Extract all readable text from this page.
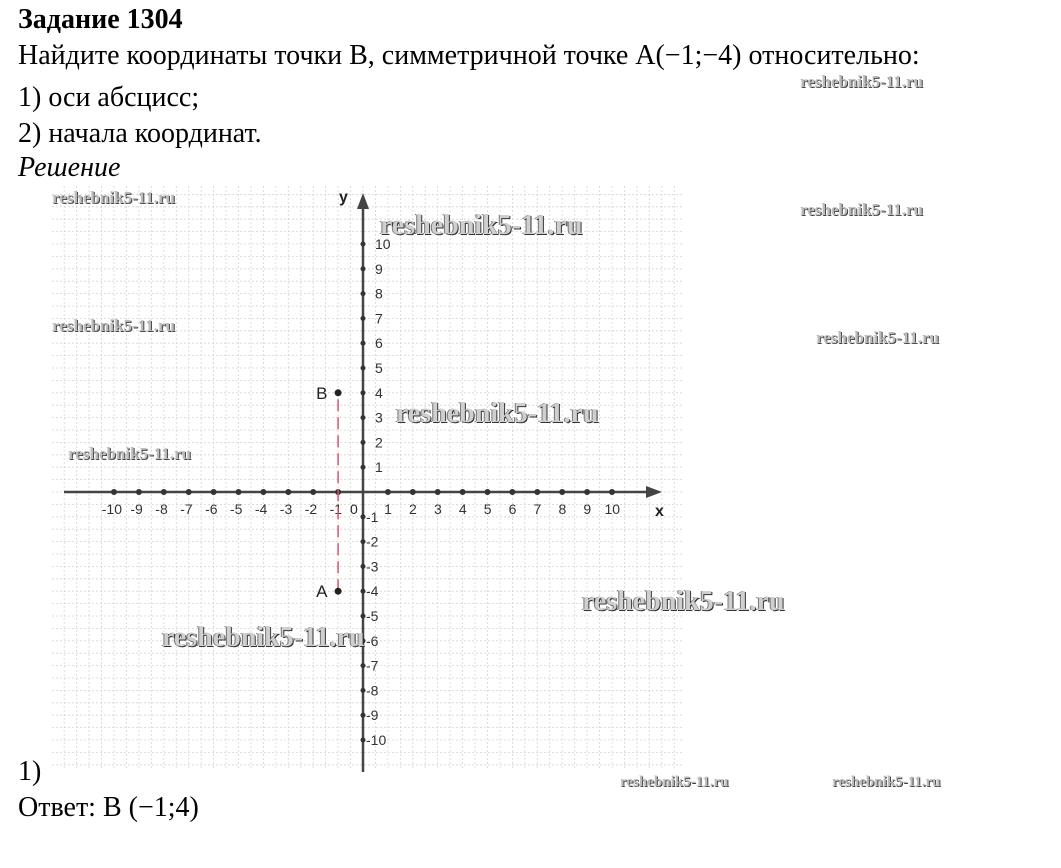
Задание 1304
Найдите координаты точки B, симметричной точке A(−1;−4) относительно:
1) оси абсцисс;
2) начала координат.
Решение
x
y
0
-10 -9 -8 -7 -6 -5 -4 -3 -2 -1	1 2 3 4 5 6 7 8 9 10
-10
-9
-8
-7
-6
-5
-4
-3
-2
-1
1
2
3
4
5
6
7
8
9
10
A
B
1)
Ответ: B (−1;4)
reshebnik5-11.ru
reshebnik5-11.ru
reshebnik5-11.ru
reshebnik5-11.ru
reshebnik5-11.ru
reshebnik5-11.ru
reshebnik5-11.ru	reshebnik5-11.ru
reshebnik5-11.ru
reshebnik5-11.ru
reshebnik5-11.ru
reshebnik5-11.ru
